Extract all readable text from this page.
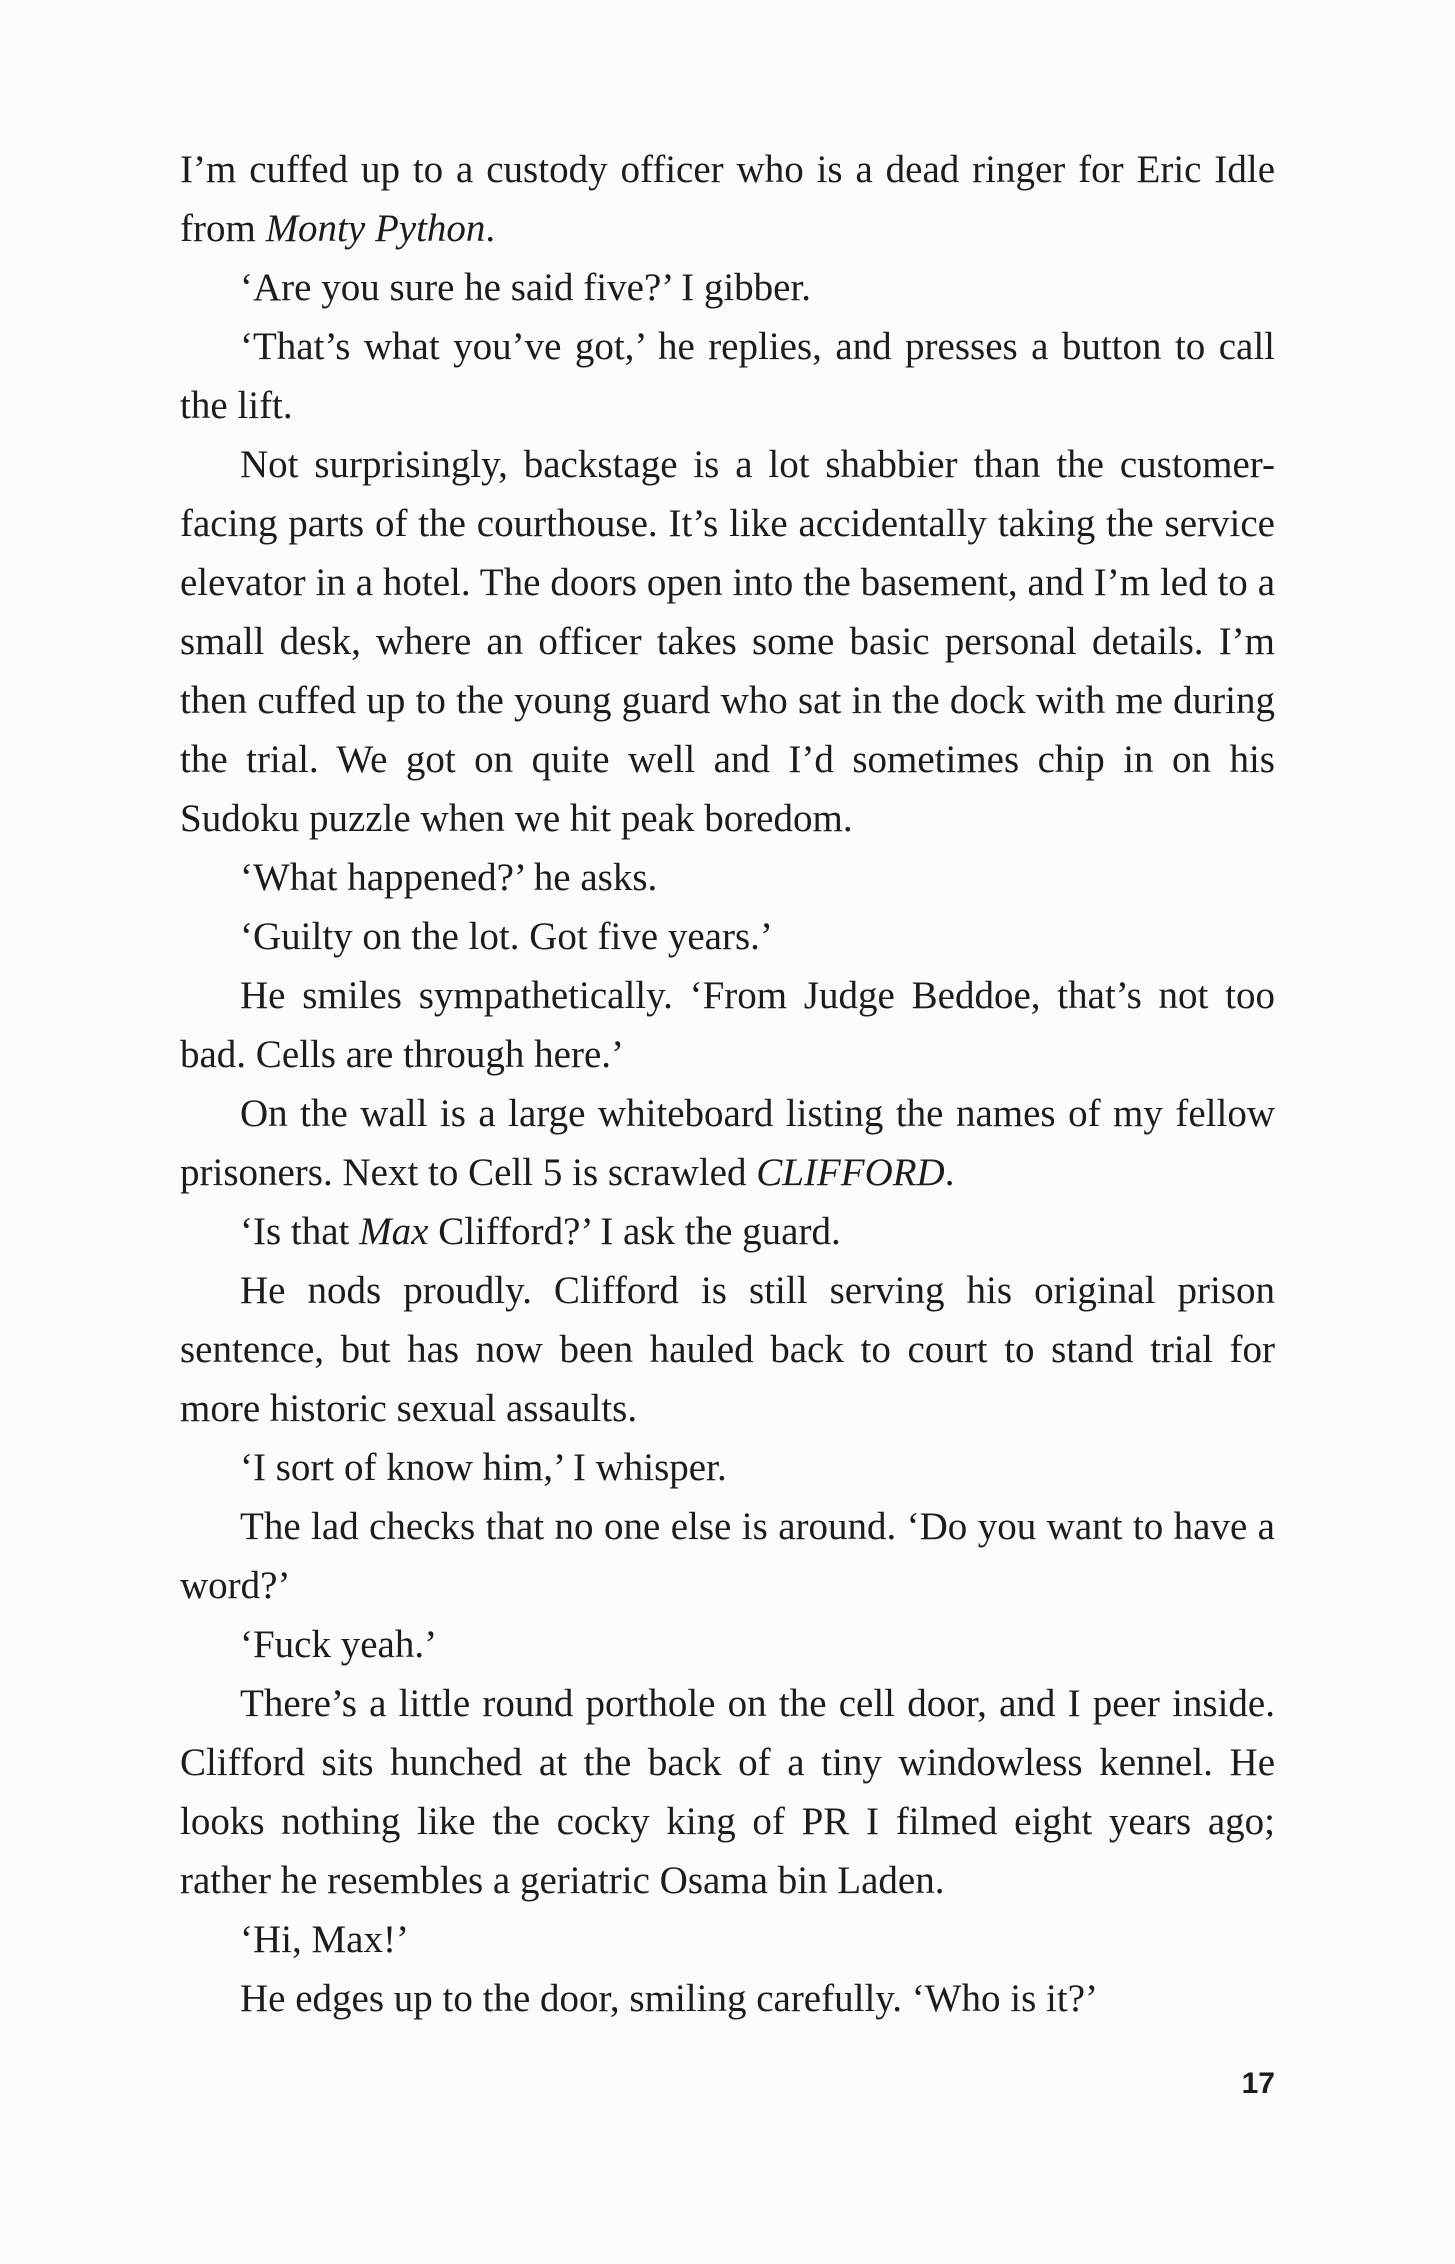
I’m cuffed up to a custody officer who is a dead ringer for Eric Idle from Monty Python.

‘Are you sure he said five?’ I gibber.

‘That’s what you’ve got,’ he replies, and presses a button to call the lift.

Not surprisingly, backstage is a lot shabbier than the customer-facing parts of the courthouse. It’s like accidentally taking the service elevator in a hotel. The doors open into the basement, and I’m led to a small desk, where an officer takes some basic personal details. I’m then cuffed up to the young guard who sat in the dock with me during the trial. We got on quite well and I’d sometimes chip in on his Sudoku puzzle when we hit peak boredom.

‘What happened?’ he asks.

‘Guilty on the lot. Got five years.’

He smiles sympathetically. ‘From Judge Beddoe, that’s not too bad. Cells are through here.’

On the wall is a large whiteboard listing the names of my fellow prisoners. Next to Cell 5 is scrawled CLIFFORD.

‘Is that Max Clifford?’ I ask the guard.

He nods proudly. Clifford is still serving his original prison sentence, but has now been hauled back to court to stand trial for more historic sexual assaults.

‘I sort of know him,’ I whisper.

The lad checks that no one else is around. ‘Do you want to have a word?’

‘Fuck yeah.’

There’s a little round porthole on the cell door, and I peer inside. Clifford sits hunched at the back of a tiny windowless kennel. He looks nothing like the cocky king of PR I filmed eight years ago; rather he resembles a geriatric Osama bin Laden.

‘Hi, Max!’

He edges up to the door, smiling carefully. ‘Who is it?’

17
